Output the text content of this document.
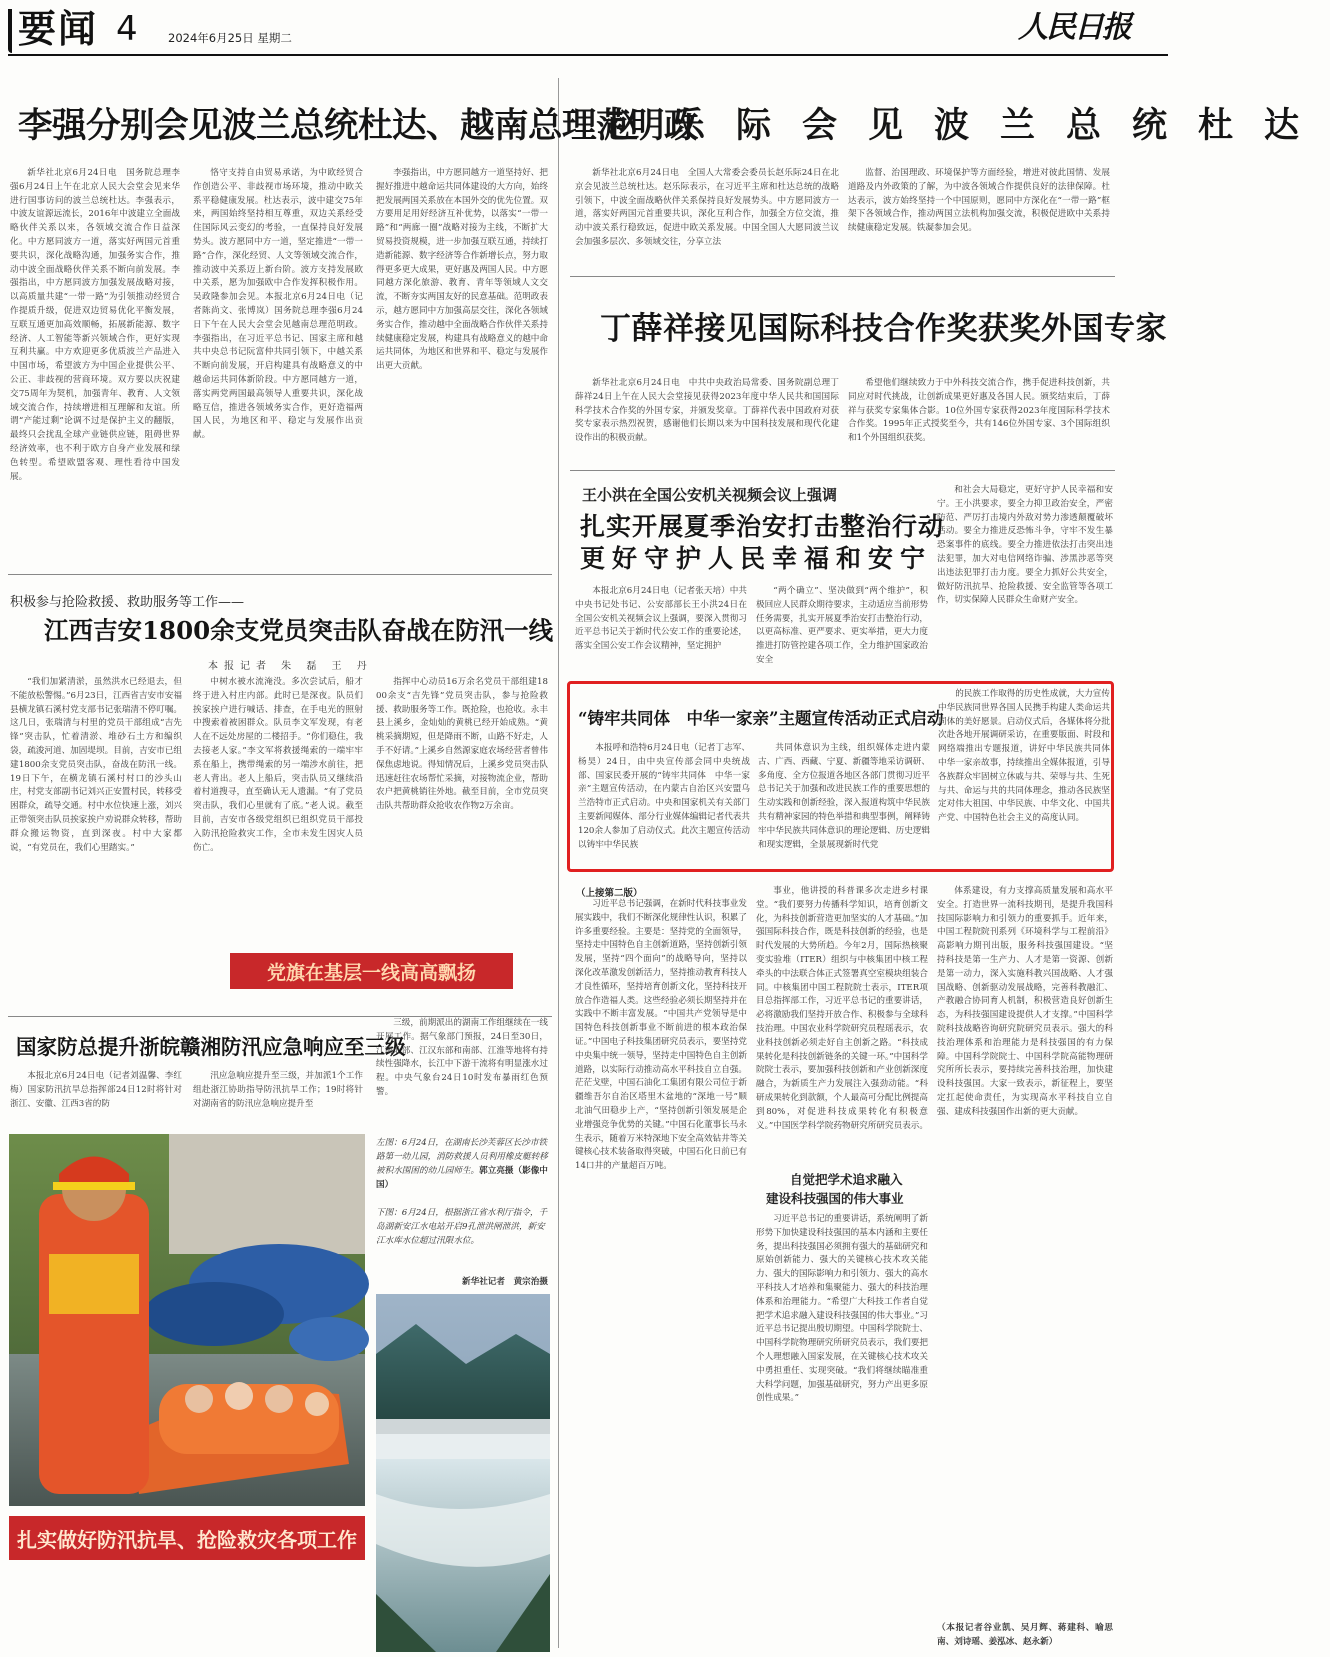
要闻 4	2024年6月25日 星期二	人民日报
李强分别会见波兰总统杜达、越南总理范明政

新华社北京6月24日电　国务院总理李强6月24日上午在北京人民大会堂会见来华进行国事访问的波兰总统杜达。李强表示，中波友谊源远流长，2016年中波建立全面战略伙伴关系以来，各领域交流合作日益深化。中方愿同波方一道，落实好两国元首重要共识，深化战略沟通，加强务实合作，推动中波全面战略伙伴关系不断向前发展。李强指出，中方愿同波方加强发展战略对接，以高质量共建“一带一路”为引领推动经贸合作提质升级，促进双边贸易优化平衡发展，互联互通更加高效顺畅，拓展新能源、数字经济、人工智能等新兴领域合作，更好实现互利共赢。中方欢迎更多优质波兰产品进入中国市场，希望波方为中国企业提供公平、公正、非歧视的营商环境。双方要以庆祝建交75周年为契机，加强青年、教育、人文领域交流合作，持续增进相互理解和友谊。所谓“产能过剩”论调不过是保护主义的翻版，最终只会扰乱全球产业链供应链，阻碍世界经济效率，也不利于欧方自身产业发展和绿色转型。希望欧盟客观、理性看待中国发展。

恪守支持自由贸易承诺，为中欧经贸合作创造公平、非歧视市场环境，推动中欧关系平稳健康发展。杜达表示，波中建交75年来，两国始终坚持相互尊重，双边关系经受住国际风云变幻的考验，一直保持良好发展势头。波方愿同中方一道，坚定推进“一带一路”合作，深化经贸、人文等领域交流合作，推动波中关系迈上新台阶。波方支持发展欧中关系，愿为加强欧中合作发挥积极作用。吴政隆参加会见。本报北京6月24日电（记者陈尚文、张博岚）国务院总理李强6月24日下午在人民大会堂会见越南总理范明政。李强指出，在习近平总书记、国家主席和越共中央总书记阮富仲共同引领下，中越关系不断向前发展，开启构建具有战略意义的中越命运共同体新阶段。中方愿同越方一道，落实两党两国最高领导人重要共识，深化战略互信，推进各领域务实合作，更好造福两国人民，为地区和平、稳定与发展作出贡献。

李强指出，中方愿同越方一道坚持好、把握好推进中越命运共同体建设的大方向，始终把发展两国关系放在本国外交的优先位置。双方要用足用好经济互补优势，以落实“一带一路”和“两廊一圈”战略对接为主线，不断扩大贸易投资规模，进一步加强互联互通，持续打造新能源、数字经济等合作新增长点，努力取得更多更大成果，更好惠及两国人民。中方愿同越方深化旅游、教育、青年等领域人文交流，不断夯实两国友好的民意基础。范明政表示，越方愿同中方加强高层交往，深化各领域务实合作，推动越中全面战略合作伙伴关系持续健康稳定发展，构建具有战略意义的越中命运共同体，为地区和世界和平、稳定与发展作出更大贡献。

积极参与抢险救援、救助服务等工作——
江西吉安1800余支党员突击队奋战在防汛一线
本报记者 朱 磊 王 丹

“我们加紧清淤，虽然洪水已经退去，但不能放松警惕。”6月23日，江西省吉安市安福县横龙镇石溪村党支部书记张瑞清不停叮嘱。这几日，张瑞清与村里的党员干部组成“吉先锋”突击队，忙着清淤、堆砂石土方和编织袋，疏浚河道、加固堤坝。目前，吉安市已组建1800余支党员突击队，奋战在防汛一线。19日下午，在横龙镇石溪村村口的沙头山庄，村党支部副书记刘兴正安置村民，转移受困群众，疏导交通。村中水位快速上涨，刘兴正带领突击队员挨家挨户劝说群众转移，帮助群众搬运物资，直到深夜。村中大家都说，“有党员在，我们心里踏实。”

中树水被水流淹没。多次尝试后，船才终于进入村庄内部。此时已是深夜。队员们挨家挨户进行喊话、排查，在手电光的照射中搜索着被困群众。队员李文军发现，有老人在不远处房屋的二楼招手。“你们稳住，我去接老人家。”李文军将救援绳索的一端牢牢系在船上，携带绳索的另一端涉水前往，把老人背出。老人上船后，突击队员又继续沿着村道搜寻，直至确认无人遗漏。“有了党员突击队，我们心里就有了底。”老人说。截至目前，吉安市各级党组织已组织党员干部投入防汛抢险救灾工作，全市未发生因灾人员伤亡。

指挥中心动员16万余名党员干部组建1800余支“吉先锋”党员突击队，参与抢险救援、救助服务等工作。既抢险，也抢收。永丰县上溪乡，金灿灿的黄桃已经开始成熟。“黄桃采摘期短，但是降雨不断，山路不好走，人手不好请。”上溪乡自然源家庭农场经营者曾伟保焦虑地说。得知情况后，上溪乡党员突击队迅速赶往农场帮忙采摘，对接物流企业，帮助农户把黄桃销往外地。截至目前，全市党员突击队共帮助群众抢收农作物2万余亩。

党旗在基层一线高高飘扬
国家防总提升浙皖赣湘防汛应急响应至三级

本报北京6月24日电（记者刘温馨、李红梅）国家防汛抗旱总指挥部24日12时将针对浙江、安徽、江西3省的防

汛应急响应提升至三级，并加派1个工作组赴浙江协助指导防汛抗旱工作；19时将针对湖南省的防汛应急响应提升至

三级，前期派出的湖南工作组继续在一线开展工作。据气象部门预报，24日至30日，江南北部、江汉东部和南部、江淮等地将有持续性强降水，长江中下游干流将有明显涨水过程。中央气象台24日10时发布暴雨红色预警。

扎实做好防汛抗旱、抢险救灾各项工作
左图：6月24日，在湖南长沙芙蓉区长沙市铁路第一幼儿园，消防救援人员利用橡皮艇转移被积水围困的幼儿园师生。郭立亮摄（影像中国）
下图：6月24日，根据浙江省水利厅指令，千岛湖新安江水电站开启9孔泄洪闸泄洪，新安江水库水位超过汛限水位。
新华社记者　黄宗治摄
赵乐际会见波兰总统杜达

新华社北京6月24日电　全国人大常委会委员长赵乐际24日在北京会见波兰总统杜达。赵乐际表示，在习近平主席和杜达总统的战略引领下，中波全面战略伙伴关系保持良好发展势头。中方愿同波方一道，落实好两国元首重要共识，深化互利合作，加强全方位交流，推动中波关系行稳致远，促进中欧关系发展。中国全国人大愿同波兰议会加强多层次、多领域交往，分享立法

监督、治国理政、环境保护等方面经验，增进对彼此国情、发展道路及内外政策的了解，为中波各领域合作提供良好的法律保障。杜达表示，波方始终坚持一个中国原则，愿同中方深化在“一带一路”框架下各领域合作，推动两国立法机构加强交流，积极促进欧中关系持续健康稳定发展。铁凝参加会见。

丁薛祥接见国际科技合作奖获奖外国专家

新华社北京6月24日电　中共中央政治局常委、国务院副总理丁薛祥24日上午在人民大会堂接见获得2023年度中华人民共和国国际科学技术合作奖的外国专家，并颁发奖章。丁薛祥代表中国政府对获奖专家表示热烈祝贺，感谢他们长期以来为中国科技发展和现代化建设作出的积极贡献。

希望他们继续致力于中外科技交流合作，携手促进科技创新，共同应对时代挑战，让创新成果更好惠及各国人民。颁奖结束后，丁薛祥与获奖专家集体合影。10位外国专家获得2023年度国际科学技术合作奖。1995年正式授奖至今，共有146位外国专家、3个国际组织和1个外国组织获奖。

王小洪在全国公安机关视频会议上强调
扎实开展夏季治安打击整治行动
更好守护人民幸福和安宁

本报北京6月24日电（记者张天培）中共中央书记处书记、公安部部长王小洪24日在全国公安机关视频会议上强调，要深入贯彻习近平总书记关于新时代公安工作的重要论述，落实全国公安工作会议精神，坚定拥护

“两个确立”、坚决做到“两个维护”，积极回应人民群众期待要求，主动适应当前形势任务需要，扎实开展夏季治安打击整治行动，以更高标准、更严要求、更实举措，更大力度推进打防管控建各项工作，全力维护国家政治安全

和社会大局稳定，更好守护人民幸福和安宁。王小洪要求，要全力抑卫政治安全，严密防范、严厉打击境内外敌对势力渗透颠覆破坏活动。要全力推进反恐怖斗争，守牢不发生暴恐案事件的底线。要全力推进依法打击突出违法犯罪，加大对电信网络诈骗、涉黑涉恶等突出违法犯罪打击力度。要全力抓好公共安全，做好防汛抗旱、抢险救援、安全监管等各项工作，切实保障人民群众生命财产安全。

“铸牢共同体　中华一家亲”主题宣传活动正式启动

本报呼和浩特6月24日电（记者丁志军、杨昊）24日，由中央宣传部会同中央统战部、国家民委开展的“铸牢共同体　中华一家亲”主题宣传活动，在内蒙古自治区兴安盟乌兰浩特市正式启动。中央和国家机关有关部门主要新闻媒体、部分行业媒体编辑记者代表共120余人参加了启动仪式。此次主题宣传活动以铸牢中华民族

共同体意识为主线，组织媒体走进内蒙古、广西、西藏、宁夏、新疆等地采访调研、多角度、全方位报道各地区各部门贯彻习近平总书记关于加强和改进民族工作的重要思想的生动实践和创新经验，深入报道构筑中华民族共有精神家园的特色举措和典型事例，阐释铸牢中华民族共同体意识的理论逻辑、历史逻辑和现实逻辑，全景展现新时代党

的民族工作取得的历史性成就，大力宣传中华民族同世界各国人民携手构建人类命运共同体的美好愿景。启动仪式后，各媒体将分批次赴各地开展调研采访，在重要版面、时段和网络端推出专题报道，讲好中华民族共同体　中华一家亲故事，持续推出全媒体报道，引导各族群众牢固树立休戚与共、荣辱与共、生死与共、命运与共的共同体理念，推动各民族坚定对伟大祖国、中华民族、中华文化、中国共产党、中国特色社会主义的高度认同。

（上接第二版）

习近平总书记强调，在新时代科技事业发展实践中，我们不断深化规律性认识，积累了许多重要经验。主要是：坚持党的全面领导，坚持走中国特色自主创新道路，坚持创新引领发展，坚持“四个面向”的战略导向，坚持以深化改革激发创新活力，坚持推动教育科技人才良性循环，坚持培育创新文化，坚持科技开放合作造福人类。这些经验必须长期坚持并在实践中不断丰富发展。“中国共产党领导是中国特色科技创新事业不断前进的根本政治保证。”中国电子科技集团研究员表示，要坚持党中央集中统一领导，坚持走中国特色自主创新道路，以实际行动推动高水平科技自立自强。茫茫戈壁，中国石油化工集团有限公司位于新疆维吾尔自治区塔里木盆地的“深地一号”顺北油气田稳步上产，“坚持创新引领发展是企业增强竞争优势的关键。”中国石化董事长马永生表示，随着万米特深地下安全高效钻井等关键核心技术装备取得突破，中国石化日前已有14口井的产量超百万吨。

事业，他讲授的科普课多次走进乡村课堂。“我们要努力传播科学知识，培育创新文化，为科技创新营造更加坚实的人才基础。”加强国际科技合作，既是科技创新的经验，也是时代发展的大势所趋。今年2月，国际热核聚变实验堆（ITER）组织与中核集团中核工程牵头的中法联合体正式签署真空室模块组装合同。中核集团中国工程院院士表示，ITER项目总指挥部工作，习近平总书记的重要讲话，必将激励我们坚持开放合作、积极参与全球科技治理。中国农业科学院研究员程瑶表示，农业科技创新必须走好自主创新之路。“科技成果转化是科技创新链条的关键一环。”中国科学院院士表示，要加强科技创新和产业创新深度融合，为新质生产力发展注入强劲动能。“科研成果转化到款额，个人最高可分配比例提高到80%，对促进科技成果转化有积极意义。”中国医学科学院药物研究所研究员表示。

自觉把学术追求融入
建设科技强国的伟大事业

习近平总书记的重要讲话，系统阐明了新形势下加快建设科技强国的基本内涵和主要任务，提出科技强国必须拥有强大的基础研究和原始创新能力、强大的关键核心技术攻关能力、强大的国际影响力和引领力、强大的高水平科技人才培养和集聚能力、强大的科技治理体系和治理能力。“希望广大科技工作者自觉把学术追求融入建设科技强国的伟大事业。”习近平总书记提出殷切期望。中国科学院院士、中国科学院物理研究所研究员表示，我们要把个人理想融入国家发展，在关键核心技术攻关中勇担重任、实现突破。“我们将继续瞄准重大科学问题，加强基础研究，努力产出更多原创性成果。”

体系建设，有力支撑高质量发展和高水平安全。打造世界一流科技期刊，是提升我国科技国际影响力和引领力的重要抓手。近年来，中国工程院院刊系列《环境科学与工程前沿》高影响力期刊出版，服务科技强国建设。“坚持科技是第一生产力、人才是第一资源、创新是第一动力，深入实施科教兴国战略、人才强国战略、创新驱动发展战略，完善科教融汇、产教融合协同育人机制，积极营造良好创新生态，为科技强国建设提供人才支撑。”中国科学院科技战略咨询研究院研究员表示。强大的科技治理体系和治理能力是科技强国的有力保障。中国科学院院士、中国科学院高能物理研究所所长表示，要持续完善科技治理，加快建设科技强国。大家一致表示，新征程上，要坚定扛起使命责任，为实现高水平科技自立自强、建成科技强国作出新的更大贡献。

（本报记者谷业凯、吴月辉、蒋建科、喻思南、刘诗瑶、姜泓冰、赵永新）
